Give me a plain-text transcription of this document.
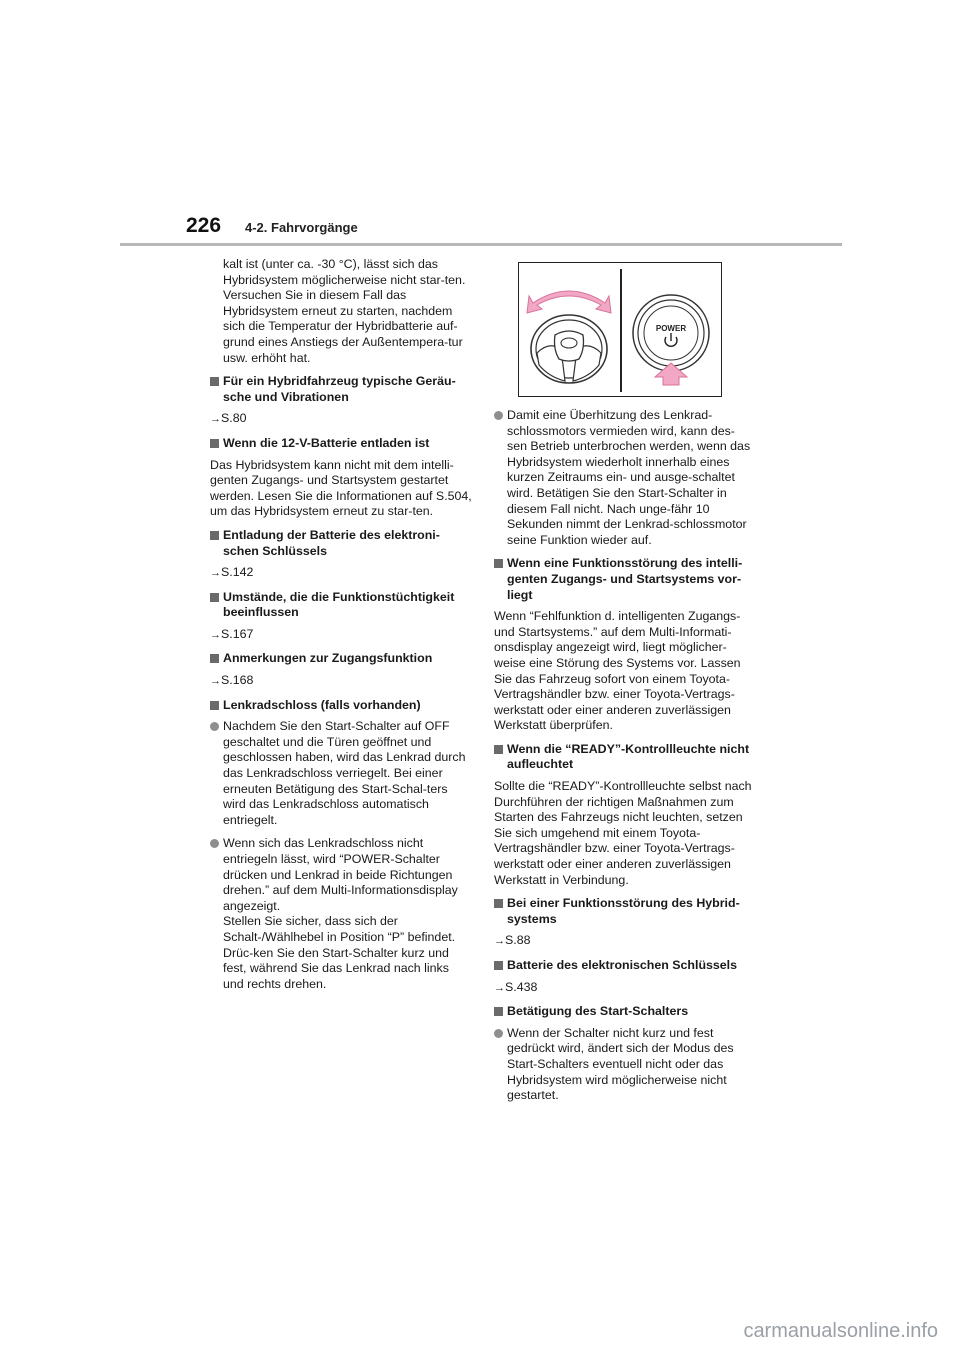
226 4-2. Fahrvorgänge

kalt ist (unter ca. -30 °C), lässt sich das Hybridsystem möglicherweise nicht star-ten. Versuchen Sie in diesem Fall das Hybridsystem erneut zu starten, nachdem sich die Temperatur der Hybridbatterie auf-grund eines Anstiegs der Außentempera-tur usw. erhöht hat.

Für ein Hybridfahrzeug typische Geräu-sche und Vibrationen

→S.80

Wenn die 12-V-Batterie entladen ist

Das Hybridsystem kann nicht mit dem intelli-genten Zugangs- und Startsystem gestartet werden. Lesen Sie die Informationen auf S.504, um das Hybridsystem erneut zu star-ten.

Entladung der Batterie des elektroni-schen Schlüssels

→S.142

Umstände, die die Funktionstüchtigkeit beeinflussen

→S.167

Anmerkungen zur Zugangsfunktion

→S.168

Lenkradschloss (falls vorhanden)
Nachdem Sie den Start-Schalter auf OFF geschaltet und die Türen geöffnet und geschlossen haben, wird das Lenkrad durch das Lenkradschloss verriegelt. Bei einer erneuten Betätigung des Start-Schal-ters wird das Lenkradschloss automatisch entriegelt.
Wenn sich das Lenkradschloss nicht entriegeln lässt, wird “POWER-Schalter drücken und Lenkrad in beide Richtungen drehen.” auf dem Multi-Informationsdisplay angezeigt.
Stellen Sie sicher, dass sich der Schalt-/Wählhebel in Position “P” befindet. Drüc-ken Sie den Start-Schalter kurz und fest, während Sie das Lenkrad nach links und rechts drehen.
POWER
Damit eine Überhitzung des Lenkrad-schlossmotors vermieden wird, kann des-sen Betrieb unterbrochen werden, wenn das Hybridsystem wiederholt innerhalb eines kurzen Zeitraums ein- und ausge-schaltet wird. Betätigen Sie den Start-Schalter in diesem Fall nicht. Nach unge-fähr 10 Sekunden nimmt der Lenkrad-schlossmotor seine Funktion wieder auf.
Wenn eine Funktionsstörung des intelli-genten Zugangs- und Startsystems vor-liegt

Wenn “Fehlfunktion d. intelligenten Zugangs- und Startsystems.” auf dem Multi-Informati-onsdisplay angezeigt wird, liegt möglicher-weise eine Störung des Systems vor. Lassen Sie das Fahrzeug sofort von einem Toyota-Vertragshändler bzw. einer Toyota-Vertrags-werkstatt oder einer anderen zuverlässigen Werkstatt überprüfen.

Wenn die “READY”-Kontrollleuchte nicht aufleuchtet

Sollte die “READY”-Kontrollleuchte selbst nach Durchführen der richtigen Maßnahmen zum Starten des Fahrzeugs nicht leuchten, setzen Sie sich umgehend mit einem Toyota-Vertragshändler bzw. einer Toyota-Vertrags-werkstatt oder einer anderen zuverlässigen Werkstatt in Verbindung.

Bei einer Funktionsstörung des Hybrid-systems

→S.88

Batterie des elektronischen Schlüssels

→S.438

Betätigung des Start-Schalters
Wenn der Schalter nicht kurz und fest gedrückt wird, ändert sich der Modus des Start-Schalters eventuell nicht oder das Hybridsystem wird möglicherweise nicht gestartet.
carmanualsonline.info
